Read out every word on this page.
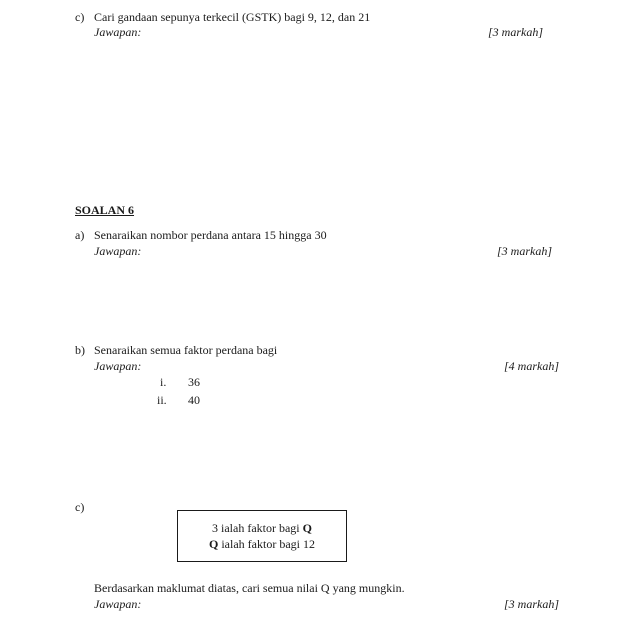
c) Cari gandaan sepunya terkecil (GSTK) bagi 9, 12, dan 21
Jawapan:	[3 markah]
SOALAN 6
a) Senaraikan nombor perdana antara 15 hingga 30
Jawapan:	[3 markah]
b) Senaraikan semua faktor perdana bagi
Jawapan:	[4 markah]
i. 36
ii. 40
c)
3 ialah faktor bagi Q
Q ialah faktor bagi 12
Berdasarkan maklumat diatas, cari semua nilai Q yang mungkin.
Jawapan:	[3 markah]
